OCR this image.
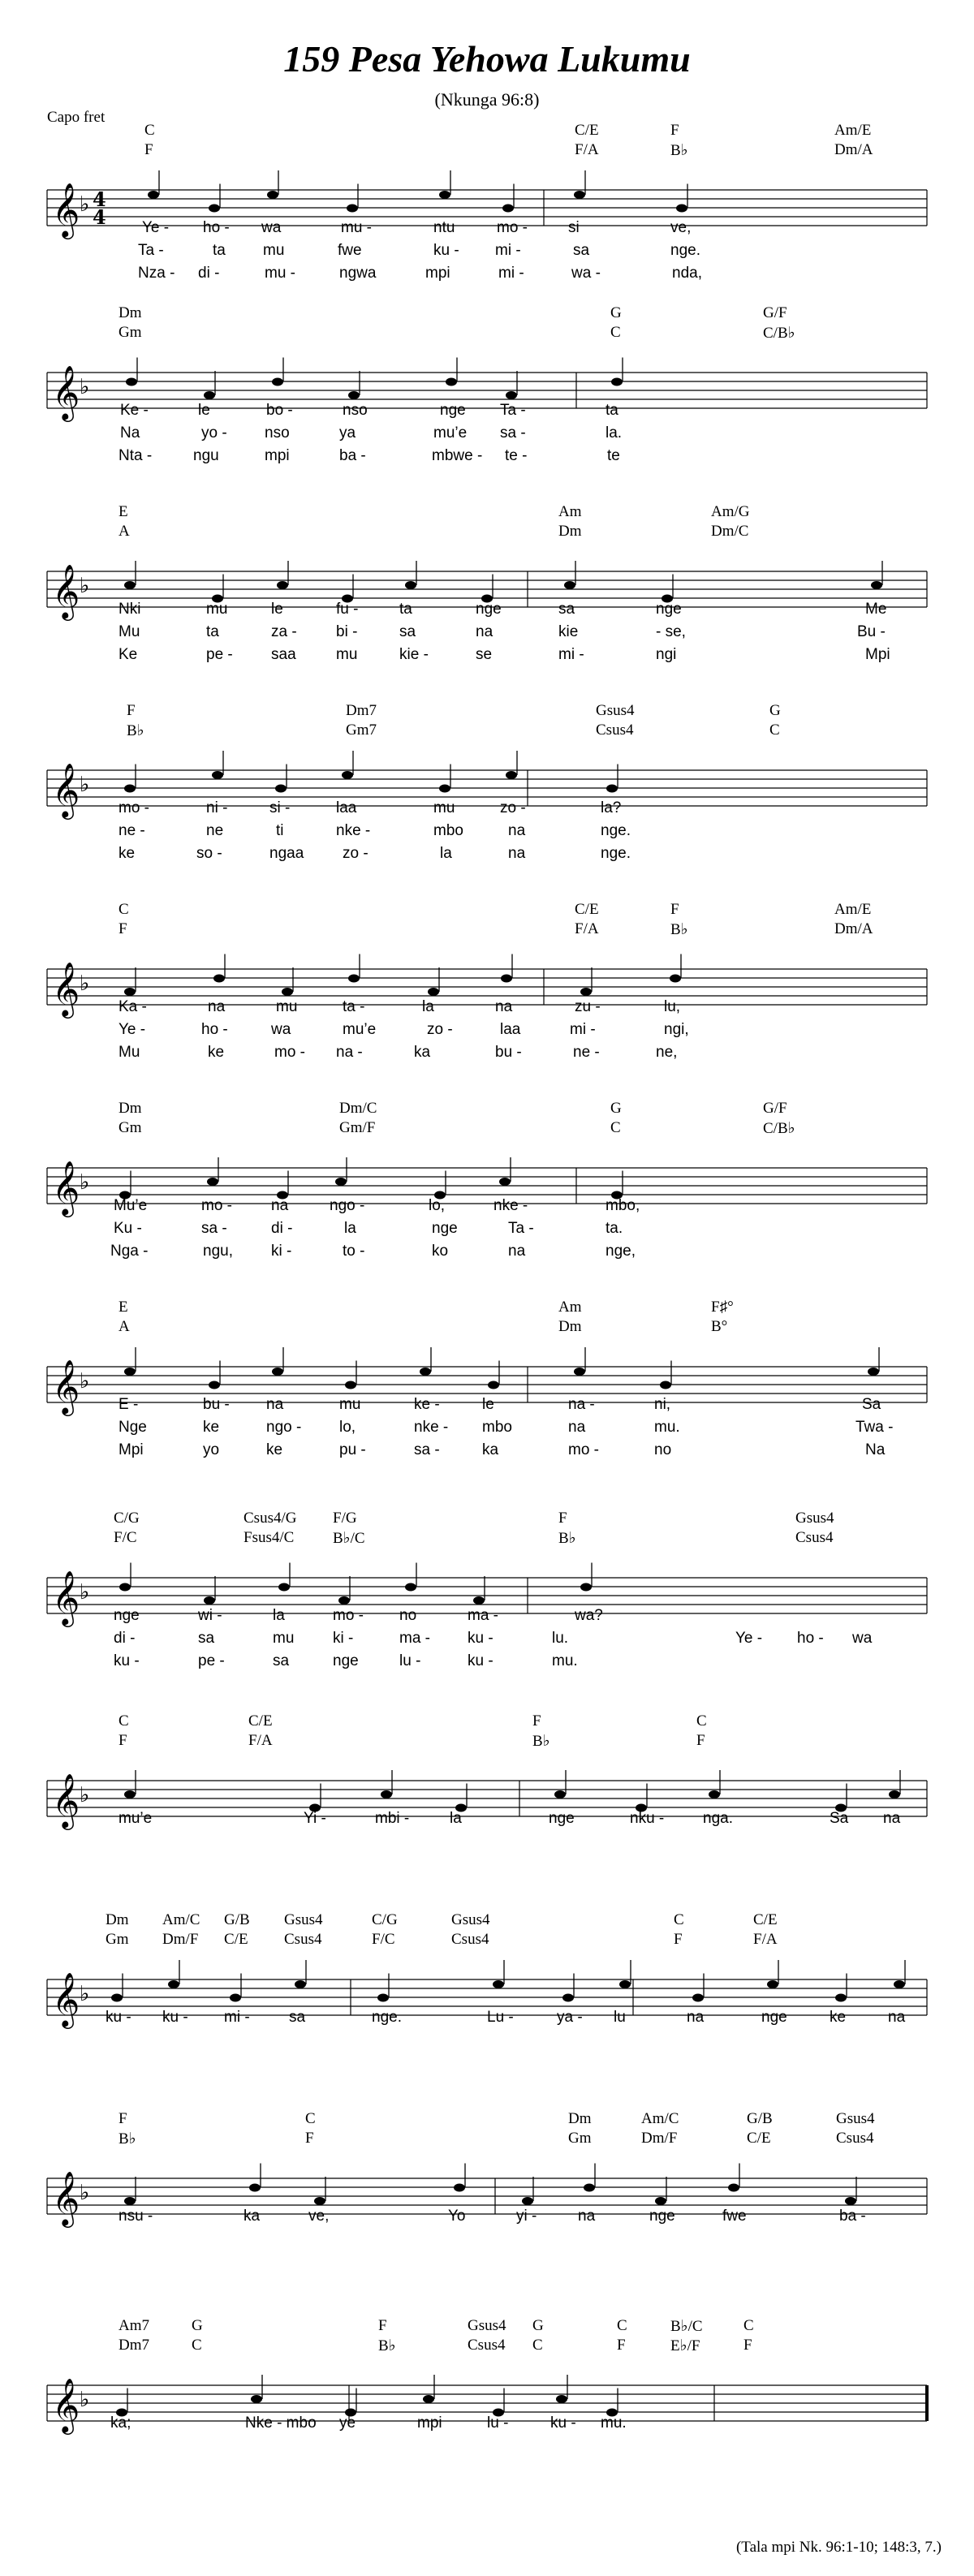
159 Pesa Yehowa Lukumu
(Nkunga 96:8)
Capo fret
C	C/E	F	Am/E
F	F/A	B♭	Dm/A
𝄞 ♭ 4
4 Ye - ho - wa	mu -	ntu	mo -	si	ve,
Ta -	ta mu	fwe	ku - mi -	sa	nge.
Nza - di -	mu -	ngwa	mpi	mi -	wa -	nda,
Dm	G	G/F
Gm	C	C/B♭
𝄞 ♭
Ke -	le	bo -	nso	nge Ta -	ta
Na	yo - nso	ya	mu’e sa -	la.
Nta -	ngu	mpi	ba -	mbwe - te -	te
E	Am	Am/G
A	Dm	Dm/C
𝄞 ♭
Nki	mu	le	fu -	ta	nge	sa	nge	Me
Mu	ta	za -	bi -	sa	na	kie	- se,	Bu -
Ke	pe - saa	mu	kie -	se	mi -	ngi	Mpi
F	Dm7	Gsus4	G
B♭	Gm7	Csus4	C
𝄞 ♭
mo -	ni -	si -	laa	mu	zo -	la?
ne -	ne	ti	nke -	mbo	na	nge.
ke	so -	ngaa	zo -	la	na	nge.
C	C/E	F	Am/E
F	F/A	B♭	Dm/A
𝄞 ♭
Ka -	na	mu	ta -	la	na	zu -	lu,
Ye -	ho -	wa	mu’e	zo -	laa	mi -	ngi,
Mu	ke	mo - na -	ka	bu -	ne -	ne,
Dm	Dm/C	G	G/F
Gm	Gm/F	C	C/B♭
𝄞 ♭
Mu’e	mo -	na	ngo -	lo,	nke -	mbo,
Ku -	sa -	di -	la	nge	Ta -	ta.
Nga -	ngu, ki -	to -	ko	na	nge,
E	Am	F♯°
A	Dm	B°
𝄞 ♭
E -	bu - na	mu	ke -	le	na -	ni,	Sa
Nge	ke	ngo - lo,	nke - mbo	na	mu.	Twa -
Mpi	yo	ke	pu -	sa -	ka	mo -	no	Na
C/G	Csus4/G F/G	F	Gsus4
F/C	Fsus4/C	B♭/C	B♭	Csus4
𝄞 ♭
nge	wi -	la	mo - no	ma -	wa?
di -	sa	mu	ki -	ma - ku -	lu.	Ye - ho - wa
ku -	pe -	sa	nge	lu -	ku -	mu.
C	C/E	F	C
F	F/A	B♭	F
𝄞 ♭
mu’e	Yi -	mbi -	la	nge	nku -	nga.	Sa na
Dm Am/C G/B Gsus4	C/G	Gsus4	C	C/E
Gm Dm/F C/E Csus4	F/C	Csus4	F	F/A
𝄞 ♭
ku - ku - mi -	sa	nge.	Lu -	ya - lu	na	nge	ke	na
F	C	Dm	Am/C	G/B	Gsus4
B♭	F	Gm	Dm/F	C/E	Csus4
𝄞 ♭
nsu -	ka	ve,	Yo	yi -	na	nge	fwe	ba -
Am7	G	F	Gsus4 G	C	B♭/C	C
Dm7	C	B♭	Csus4 C	F	E♭/F	F
𝄞 ♭
ka;	Nke - mbo ye	mpi	lu -	ku - mu.
(Tala mpi Nk. 96:1-10; 148:3, 7.)
